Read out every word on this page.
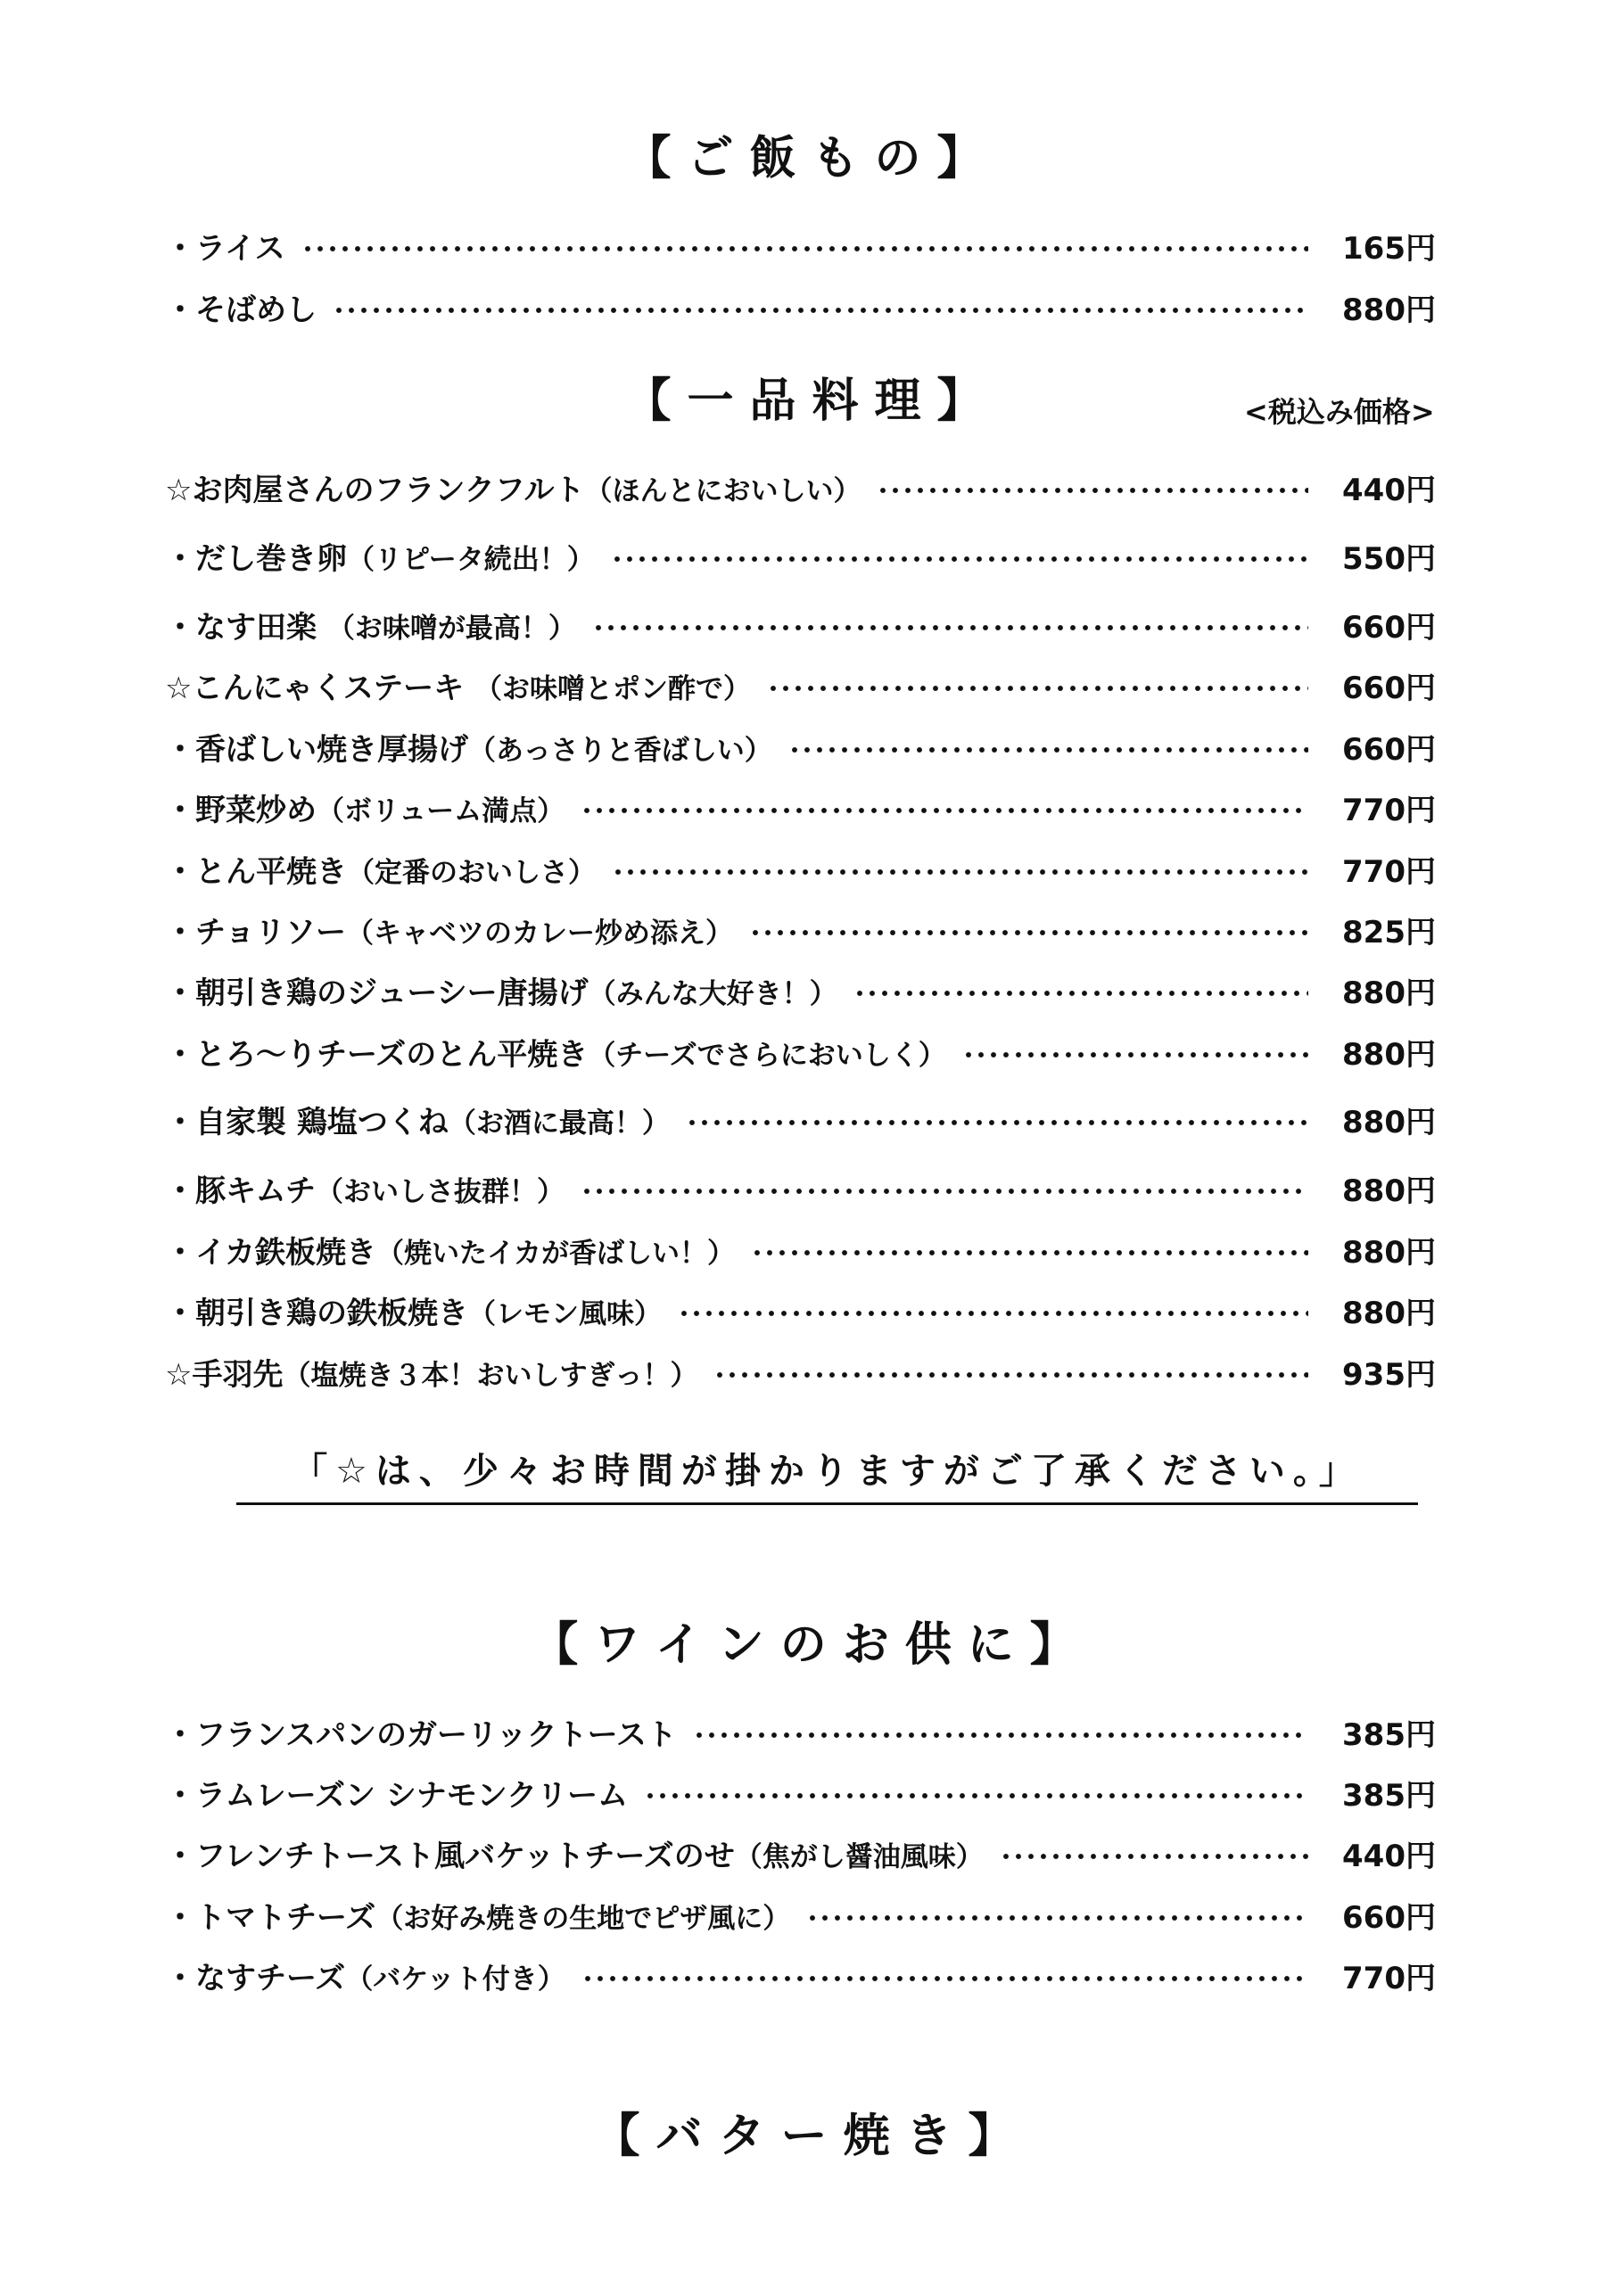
【ご飯もの】
・ライス	165円
・そばめし	880円
【一品料理】	<税込み価格>
☆お肉屋さんのフランクフルト（ほんとにおいしい）	440円
・だし巻き卵（リピータ続出！）	550円
・なす田楽 （お味噌が最高！）	660円
☆こんにゃくステーキ （お味噌とポン酢で）	660円
・香ばしい焼き厚揚げ（あっさりと香ばしい）	660円
・野菜炒め（ボリューム満点）	770円
・とん平焼き（定番のおいしさ）	770円
・チョリソー（キャベツのカレー炒め添え）	825円
・朝引き鶏のジューシー唐揚げ（みんな大好き！）	880円
・とろ〜りチーズのとん平焼き（チーズでさらにおいしく）	880円
・自家製 鶏塩つくね（お酒に最高！）	880円
・豚キムチ（おいしさ抜群！）	880円
・イカ鉄板焼き（焼いたイカが香ばしい！）	880円
・朝引き鶏の鉄板焼き（レモン風味）	880円
☆手羽先（塩焼き３本！おいしすぎっ！）	935円
「☆は、少々お時間が掛かりますがご了承ください。」
【ワインのお供に】
・フランスパンのガーリックトースト	385円
・ラムレーズン シナモンクリーム	385円
・フレンチトースト風バケットチーズのせ（焦がし醤油風味）	440円
・トマトチーズ（お好み焼きの生地でピザ風に）	660円
・なすチーズ（バケット付き）	770円
【バター焼き】
